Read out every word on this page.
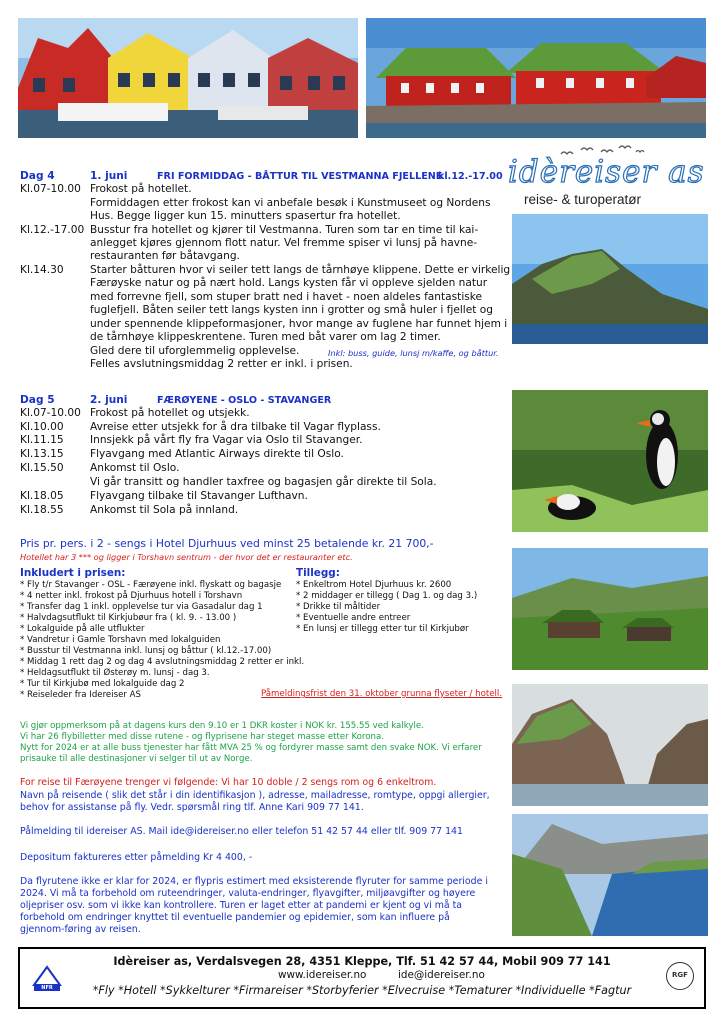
idèreiser as
reise- & turoperatør
Dag 4	1. juni	FRI FORMIDDAG - BÅTTUR TIL VESTMANNA FJELLENE
kl.12.-17.00
Kl.07-10.00 Frokost på hotellet.
Formiddagen etter frokost kan vi anbefale besøk i Kunstmuseet og Nordens
Hus. Begge ligger kun 15. minutters spasertur fra hotellet.
Kl.12.-17.00 Busstur fra hotellet og kjører til Vestmanna. Turen som tar en time til kai-
anlegget kjøres gjennom flott natur. Vel fremme spiser vi lunsj på havne-
restauranten før båtavgang.
Kl.14.30 Starter båtturen hvor vi seiler tett langs de tårnhøye klippene. Dette er virkelig
Færøyske natur og på nært hold. Langs kysten får vi oppleve sjelden natur
med forrevne fjell, som stuper bratt ned i havet - noen aldeles fantastiske
fuglefjell. Båten seiler tett langs kysten inn i grotter og små huler i fjellet og
under spennende klippeformasjoner, hvor mange av fuglene har funnet hjem i
de tårnhøye klippeskrentene. Turen med båt varer om lag 2 timer.
Gled dere til uforglemmelig opplevelse.	Inkl: buss, guide, lunsj m/kaffe, og båttur.
Felles avslutningsmiddag 2 retter er inkl. i prisen.
Dag 5	2. juni	FÆRØYENE - OSLO - STAVANGER
Kl.07-10.00 Frokost på hotellet og utsjekk.
Kl.10.00 Avreise etter utsjekk for å dra tilbake til Vagar flyplass.
Kl.11.15 Innsjekk på vårt fly fra Vagar via Oslo til Stavanger.
Kl.13.15 Flyavgang med Atlantic Airways direkte til Oslo.
Kl.15.50 Ankomst til Oslo.
Vi går transitt og handler taxfree og bagasjen går direkte til Sola.
Kl.18.05 Flyavgang tilbake til Stavanger Lufthavn.
Kl.18.55 Ankomst til Sola på innland.
Pris pr. pers. i 2 - sengs i Hotel Djurhuus ved minst 25 betalende kr. 21 700,-
Hotellet har 3 *** og ligger i Torshavn sentrum - der hvor det er restauranter etc.
Inkludert i prisen:
* Fly t/r Stavanger - OSL - Færøyene inkl. flyskatt og bagasje
* 4 netter inkl. frokost på Djurhuus hotell i Torshavn
* Transfer dag 1 inkl. opplevelse tur via Gasadalur dag 1
* Halvdagsutflukt til Kirkjubøur fra ( kl. 9. - 13.00 )
* Lokalguide på alle utflukter
* Vandretur i Gamle Torshavn med lokalguiden
* Busstur til Vestmanna inkl. lunsj og båttur ( kl.12.-17.00)
* Middag 1 rett dag 2 og dag 4 avslutningsmiddag 2 retter er inkl.
* Heldagsutflukt til Østerøy m. lunsj - dag 3.
* Tur til Kirkjubø med lokalguide dag 2
* Reiseleder fra Idereiser AS
Tillegg:
* Enkeltrom Hotel Djurhuus kr. 2600
* 2 middager er tillegg ( Dag 1. og dag 3.)
* Drikke til måltider
* Eventuelle andre entreer
* En lunsj er tillegg etter tur til Kirkjubør
Påmeldingsfrist den 31. oktober grunna flyseter / hotell.
Vi gjør oppmerksom på at dagens kurs den 9.10 er 1 DKR koster i NOK kr. 155.55 ved kalkyle.
Vi har 26 flybilletter med disse rutene - og flyprisene har steget masse etter Korona.
Nytt for 2024 er at alle buss tjenester har fått MVA 25 % og fordyrer masse samt den svake NOK. Vi erfarer
prisauke til alle destinasjoner vi selger til ut av Norge.
For reise til Færøyene trenger vi følgende: Vi har 10 doble / 2 sengs rom og 6 enkeltrom.
Navn på reisende ( slik det står i din identifikasjon ), adresse, mailadresse, romtype, oppgi allergier,
behov for assistanse på fly. Vedr. spørsmål ring tlf. Anne Kari 909 77 141.
Pålmelding til idereiser AS. Mail ide@idereiser.no eller telefon 51 42 57 44 eller tlf. 909 77 141
Depositum faktureres etter påmelding Kr 4 400, -
Da flyrutene ikke er klar for 2024, er flypris estimert med eksisterende flyruter for samme periode i
2024. Vi må ta forbehold om ruteendringer, valuta-endringer, flyavgifter, miljøavgifter og høyere
oljepriser osv. som vi ikke kan kontrollere. Turen er laget etter at pandemi er kjent og vi må ta
forbehold om endringer knyttet til eventuelle pandemier og epidemier, som kan influere på
gjennom-føring av reisen.
NFR
Idèreiser as, Verdalsvegen 28, 4351 Kleppe, Tlf. 51 42 57 44, Mobil 909 77 141
www.idereiser.no	ide@idereiser.no
*Fly *Hotell *Sykkelturer *Firmareiser *Storbyferier *Elvecruise *Tematurer *Individuelle *Fagtur
RGF
